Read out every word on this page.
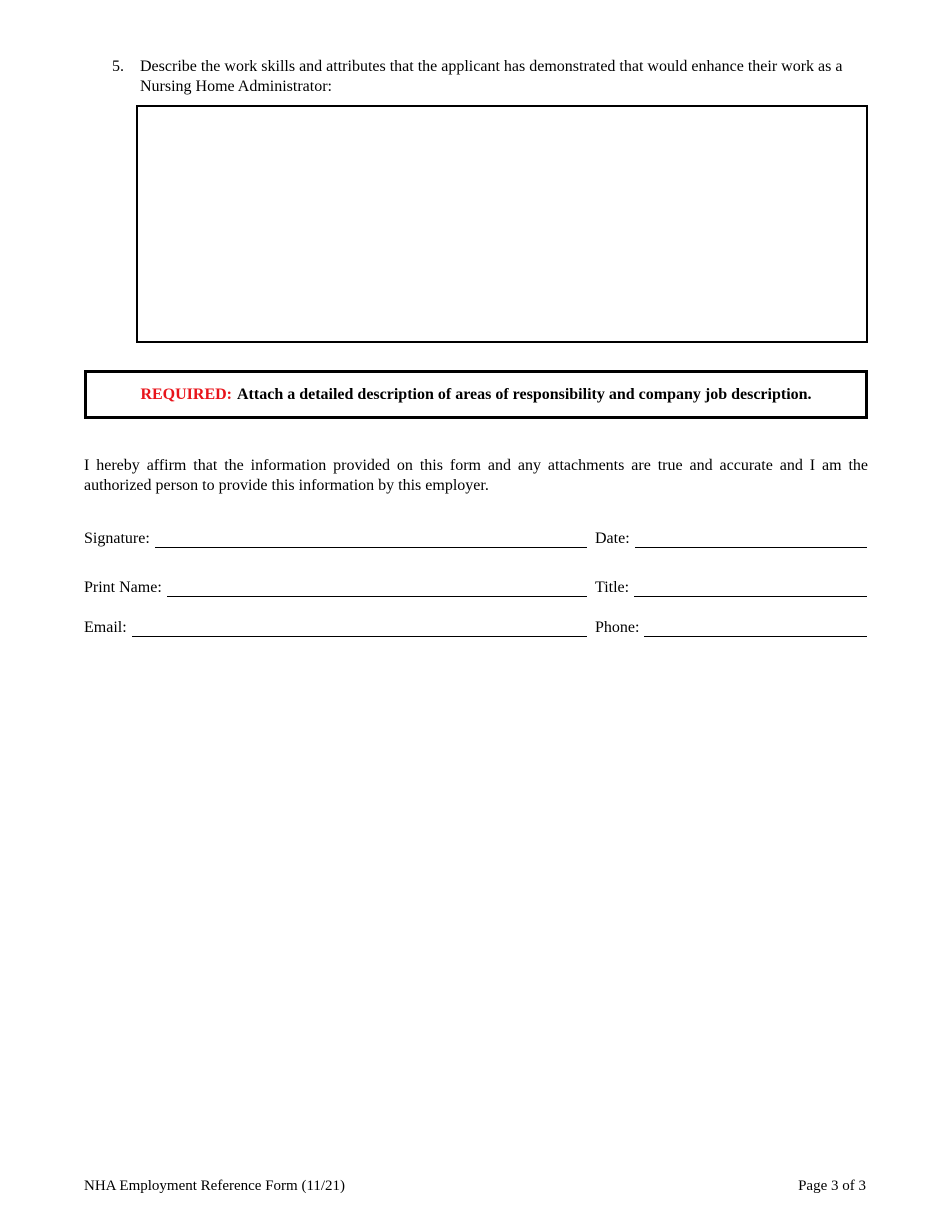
5. Describe the work skills and attributes that the applicant has demonstrated that would enhance their work as a Nursing Home Administrator:
REQUIRED: Attach a detailed description of areas of responsibility and company job description.
I hereby affirm that the information provided on this form and any attachments are true and accurate and I am the authorized person to provide this information by this employer.
Signature:	Date:
Print Name:	Title:
Email:	Phone:
NHA Employment Reference Form (11/21)	Page 3 of 3
